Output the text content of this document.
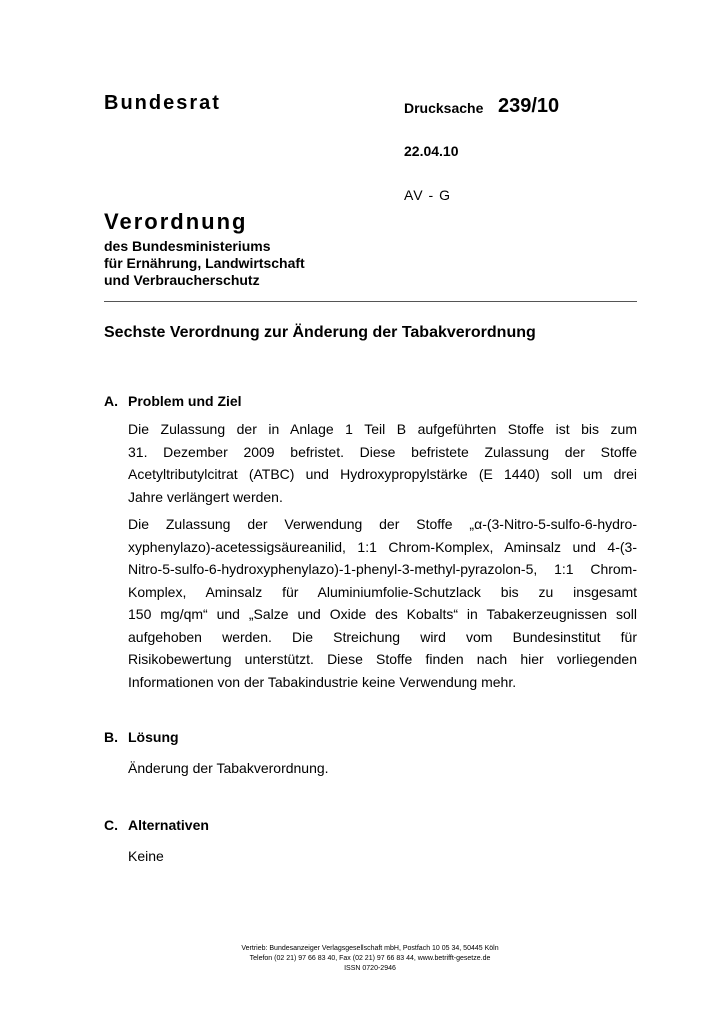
Bundesrat	Drucksache 239/10
22.04.10
AV - G
Verordnung
des Bundesministeriums
für Ernährung, Landwirtschaft
und Verbraucherschutz
Sechste Verordnung zur Änderung der Tabakverordnung
A. Problem und Ziel
Die Zulassung der in Anlage 1 Teil B aufgeführten Stoffe ist bis zum
31. Dezember 2009 befristet. Diese befristete Zulassung der Stoffe
Acetyltributylcitrat (ATBC) und Hydroxypropylstärke (E 1440) soll um drei
Jahre verlängert werden.
Die Zulassung der Verwendung der Stoffe „α-(3-Nitro-5-sulfo-6-hydro-
xyphenylazo)-acetessigsäureanilid, 1:1 Chrom-Komplex, Aminsalz und 4-(3-
Nitro-5-sulfo-6-hydroxyphenylazo)-1-phenyl-3-methyl-pyrazolon-5, 1:1 Chrom-
Komplex, Aminsalz für Aluminiumfolie-Schutzlack bis zu insgesamt
150 mg/qm“ und „Salze und Oxide des Kobalts“ in Tabakerzeugnissen soll
aufgehoben werden. Die Streichung wird vom Bundesinstitut für
Risikobewertung unterstützt. Diese Stoffe finden nach hier vorliegenden
Informationen von der Tabakindustrie keine Verwendung mehr.
B. Lösung
Änderung der Tabakverordnung.
C. Alternativen
Keine
Vertrieb: Bundesanzeiger Verlagsgesellschaft mbH, Postfach 10 05 34, 50445 Köln
Telefon (02 21) 97 66 83 40, Fax (02 21) 97 66 83 44, www.betrifft-gesetze.de
ISSN 0720-2946
